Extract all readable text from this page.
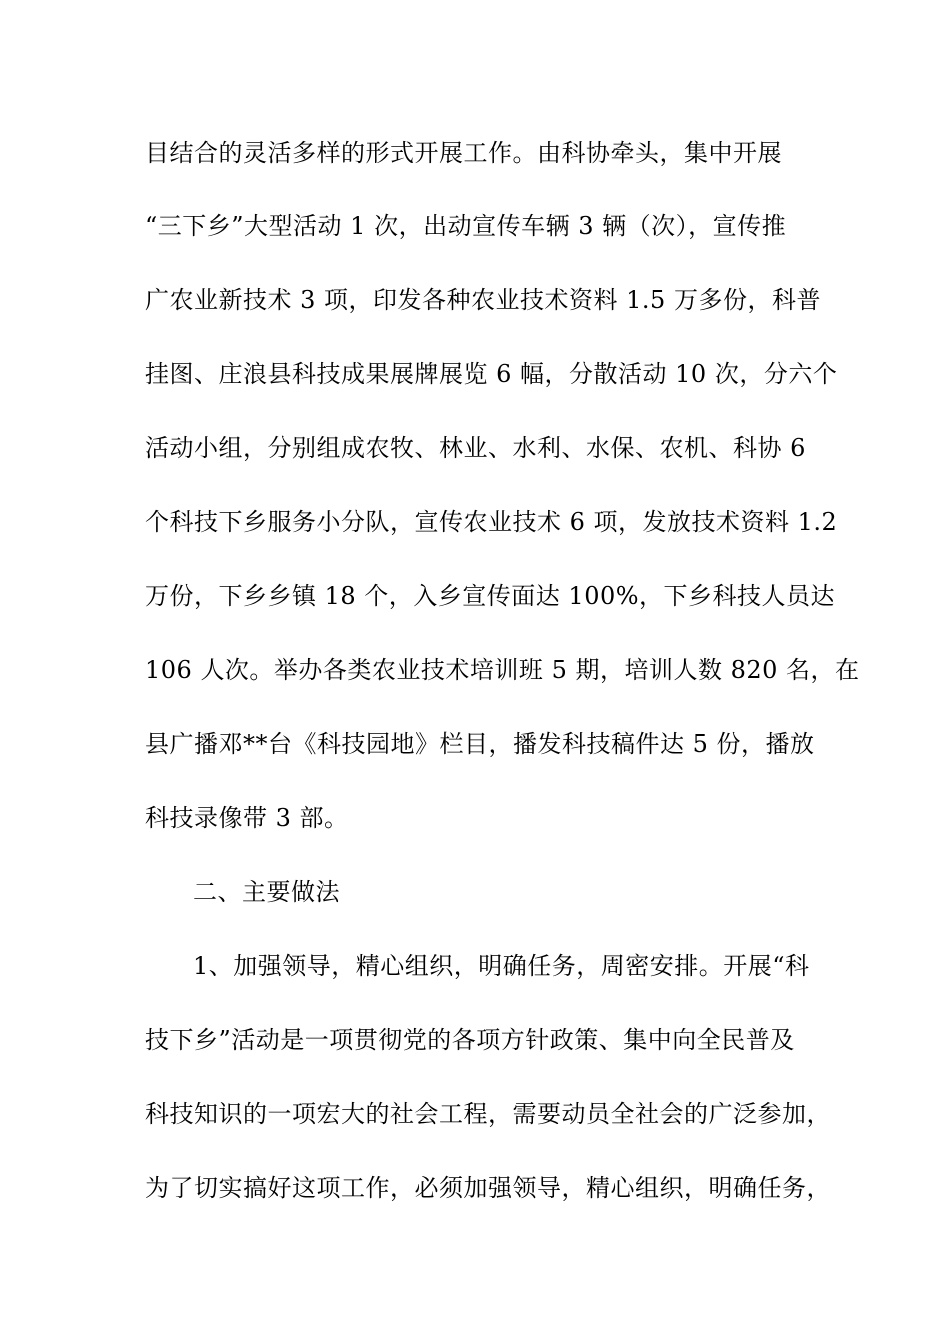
目结合的灵活多样的形式开展工作。由科协牵头，集中开展
“三下乡”大型活动 1 次，出动宣传车辆 3 辆（次），宣传推
广农业新技术 3 项，印发各种农业技术资料 1.5 万多份，科普
挂图、庄浪县科技成果展牌展览 6 幅，分散活动 10 次，分六个
活动小组，分别组成农牧、林业、水利、水保、农机、科协 6
个科技下乡服务小分队，宣传农业技术 6 项，发放技术资料 1.2
万份，下乡乡镇 18 个，入乡宣传面达 100%，下乡科技人员达
106 人次。举办各类农业技术培训班 5 期，培训人数 820 名，在
县广播邓**台《科技园地》栏目，播发科技稿件达 5 份，播放
科技录像带 3 部。
二、主要做法
1、加强领导，精心组织，明确任务，周密安排。开展“科
技下乡”活动是一项贯彻党的各项方针政策、集中向全民普及
科技知识的一项宏大的社会工程，需要动员全社会的广泛参加，
为了切实搞好这项工作，必须加强领导，精心组织，明确任务，
